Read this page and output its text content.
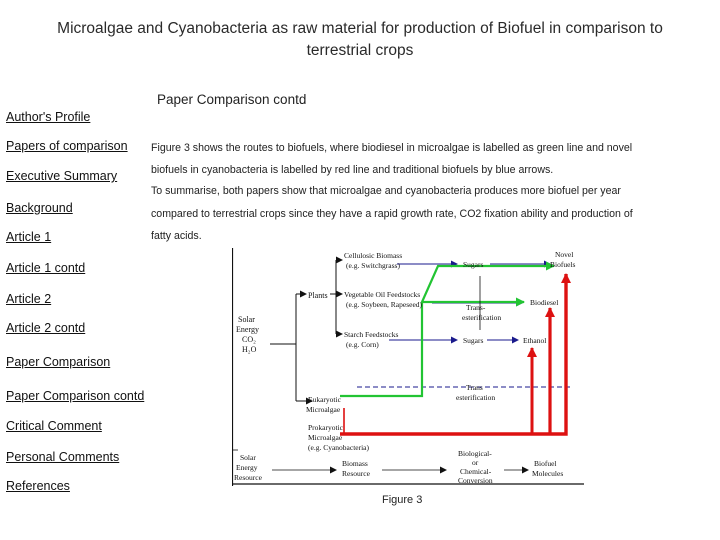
Microalgae and Cyanobacteria as raw material for production of Biofuel in comparison to
terrestrial crops
Paper Comparison contd
Author's Profile
Papers of comparison
Executive Summary
Background
Article 1
Article 1 contd
Article 2
Article 2 contd
Paper Comparison
Paper Comparison contd
Critical Comment
Personal Comments
References
Figure 3 shows the routes to biofuels, where biodiesel in microalgae is labelled as green line and novel
biofuels in cyanobacteria is labelled by red line and traditional biofuels by blue arrows.
To summarise, both papers show that microalgae and cyanobacteria produces more biofuel per year
compared to terrestrial crops since they have a rapid growth rate, CO2 fixation ability and production of
fatty acids.
Solar
Energy
CO₂
H₂O
Plants
Cellulosic Biomass
(e.g. Switchgrass)
Vegetable Oil Feedstocks
(e.g. Soybeen, Rapeseed)
Starch Feedstocks
(e.g. Corn)
Sugars
Sugars
Trans-
esterification
Novel
Biofuels
Biodiesel
Ethanol
Eukaryotic
Microalgae
Trans
esterification
Prokaryotic
Microalgae
(e.g. Cyanobacteria)
Solar
Energy
Resource
Biomass
Resource
Biological-
or
Chemical-
Conversion
Biofuel
Molecules
Figure 3
